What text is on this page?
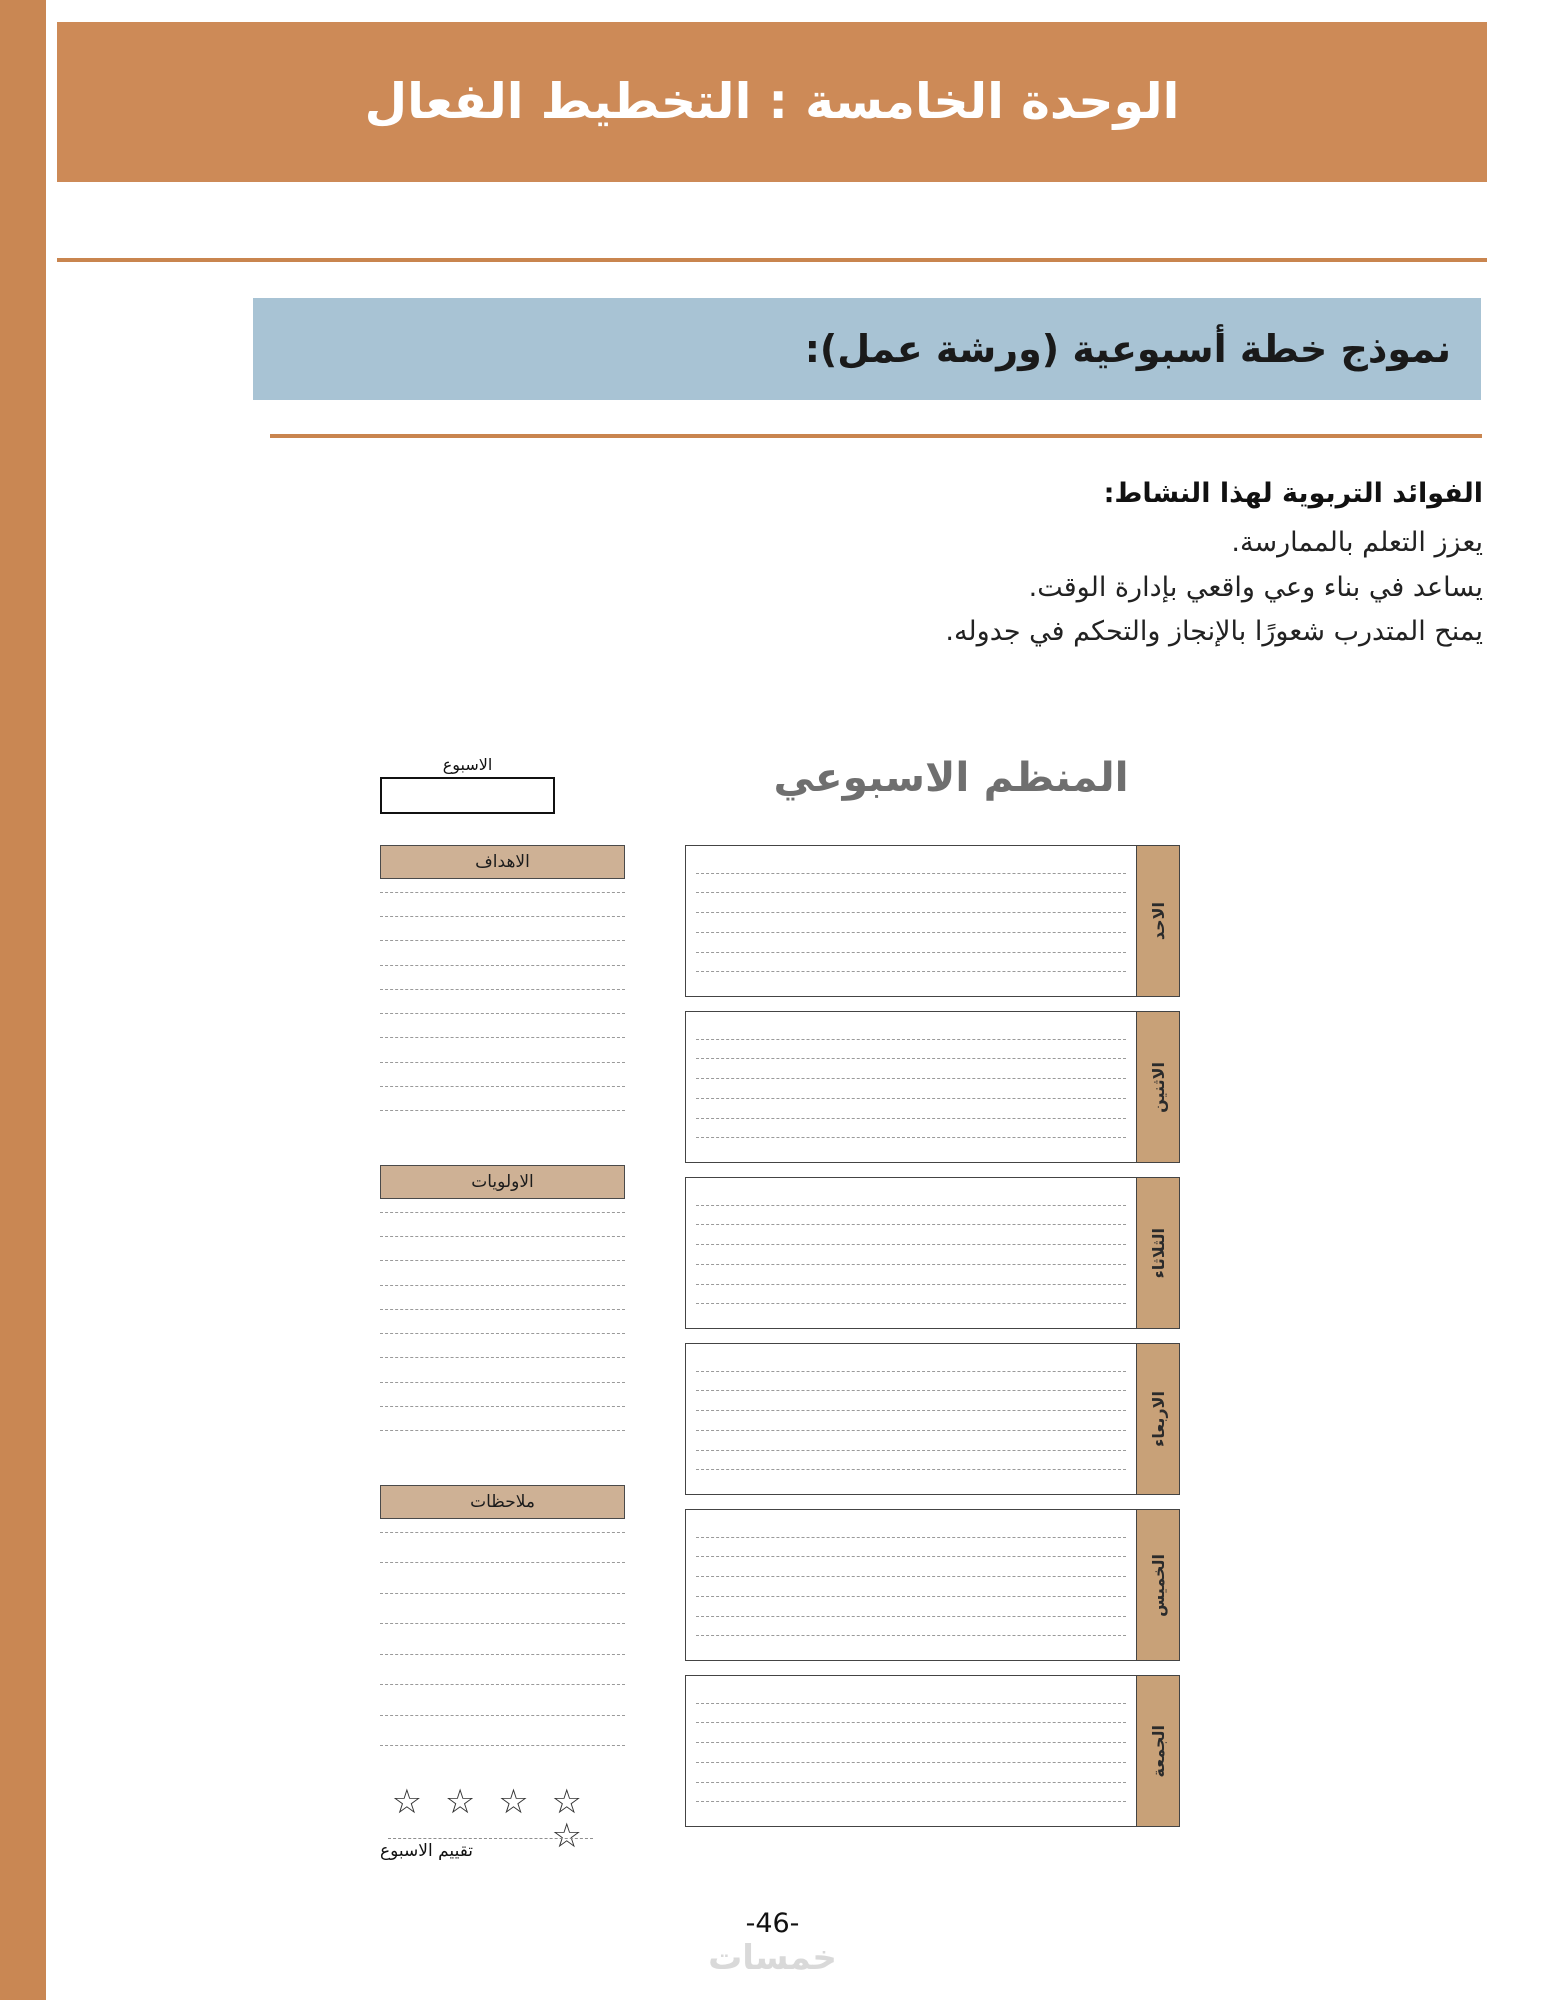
الوحدة الخامسة : التخطيط الفعال
نموذج خطة أسبوعية (ورشة عمل):
الفوائد التربوية لهذا النشاط:
يعزز التعلم بالممارسة.
يساعد في بناء وعي واقعي بإدارة الوقت.
يمنح المتدرب شعورًا بالإنجاز والتحكم في جدوله.
المنظم الاسبوعي
الاسبوع
الاحد
الاثنين
الثلاثاء
الاربعاء
الخميس
الجمعة
الاهداف
الاولويات
ملاحظات
☆ ☆ ☆ ☆ ☆
تقييم الاسبوع
-46-
خمسات
